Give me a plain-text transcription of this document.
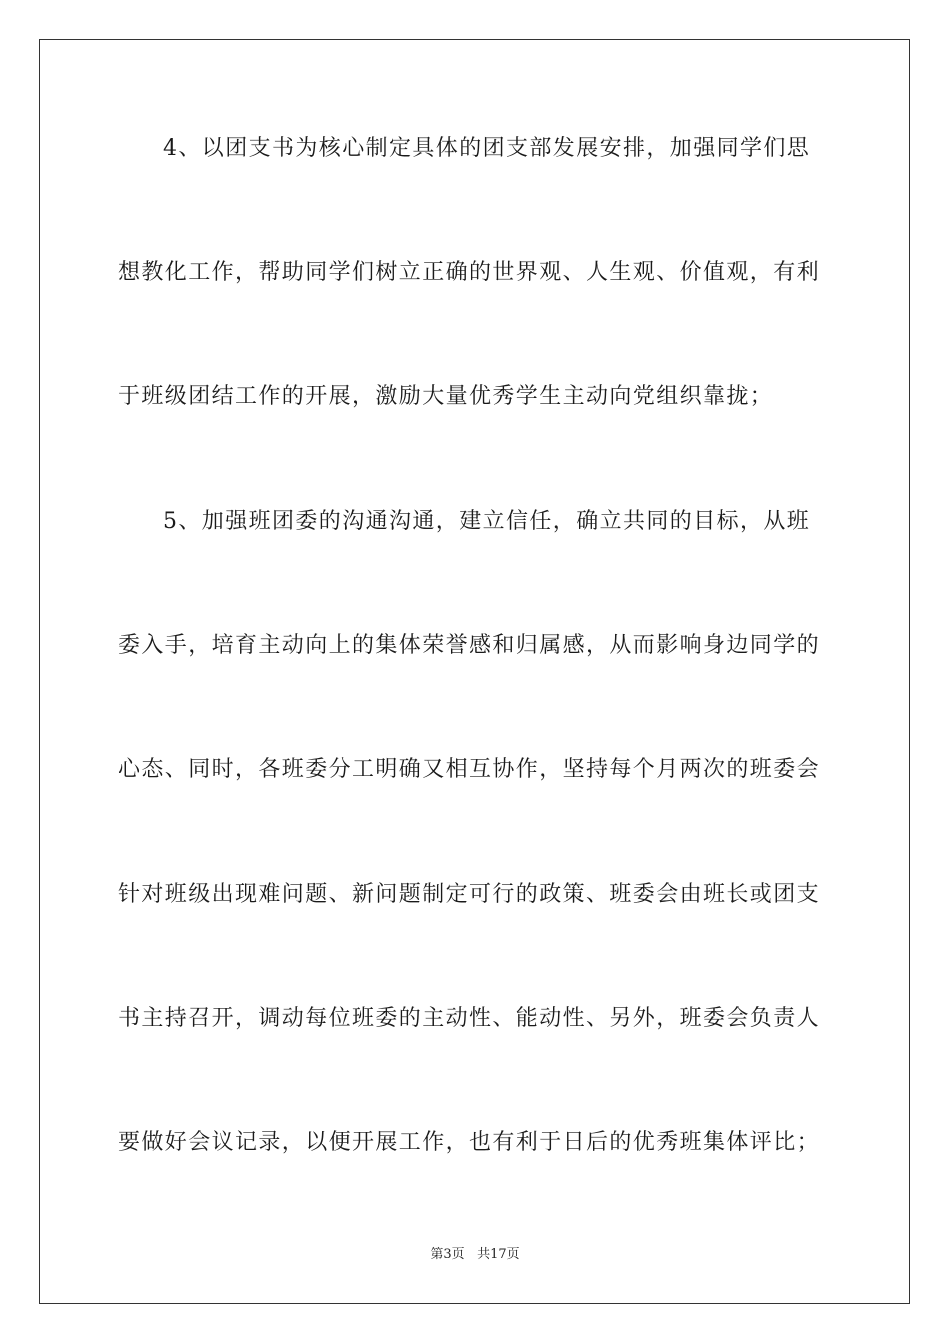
4、以团支书为核心制定具体的团支部发展安排，加强同学们思
想教化工作，帮助同学们树立正确的世界观、人生观、价值观，有利
于班级团结工作的开展，激励大量优秀学生主动向党组织靠拢；
5、加强班团委的沟通沟通，建立信任，确立共同的目标，从班
委入手，培育主动向上的集体荣誉感和归属感，从而影响身边同学的
心态、同时，各班委分工明确又相互协作，坚持每个月两次的班委会
针对班级出现难问题、新问题制定可行的政策、班委会由班长或团支
书主持召开，调动每位班委的主动性、能动性、另外，班委会负责人
要做好会议记录，以便开展工作，也有利于日后的优秀班集体评比；
第3页 共17页
